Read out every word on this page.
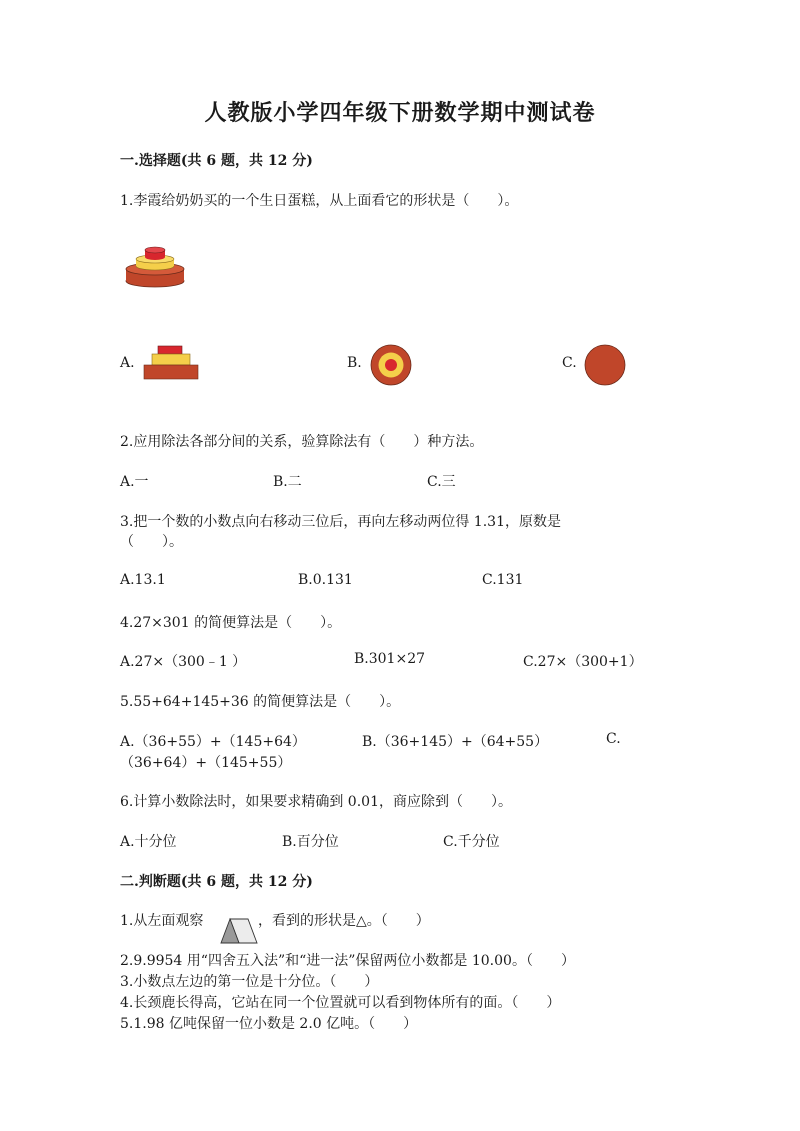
人教版小学四年级下册数学期中测试卷
一.选择题(共 6 题，共 12 分)
1.李霞给奶奶买的一个生日蛋糕，从上面看它的形状是（　　）。
A.	B.	C.
2.应用除法各部分间的关系，验算除法有（　　）种方法。
A.一	B.二	C.三
3.把一个数的小数点向右移动三位后，再向左移动两位得 1.31，原数是
（　　）。
A.13.1	B.0.131	C.131
4.27×301 的简便算法是（　　）。
A.27×（300﹣1 ）	B.301×27	C.27×（300+1）
5.55+64+145+36 的简便算法是（　　）。
A.（36+55）+（145+64）	B.（36+145）+（64+55）	C.
（36+64）+（145+55）
6.计算小数除法时，如果要求精确到 0.01，商应除到（　　）。
A.十分位	B.百分位	C.千分位
二.判断题(共 6 题，共 12 分)
1.从左面观察	，看到的形状是△。（　　）
2.9.9954 用“四舍五入法”和“进一法”保留两位小数都是 10.00。（　　）
3.小数点左边的第一位是十分位。（　　）
4.长颈鹿长得高，它站在同一个位置就可以看到物体所有的面。（　　）
5.1.98 亿吨保留一位小数是 2.0 亿吨。（　　）
